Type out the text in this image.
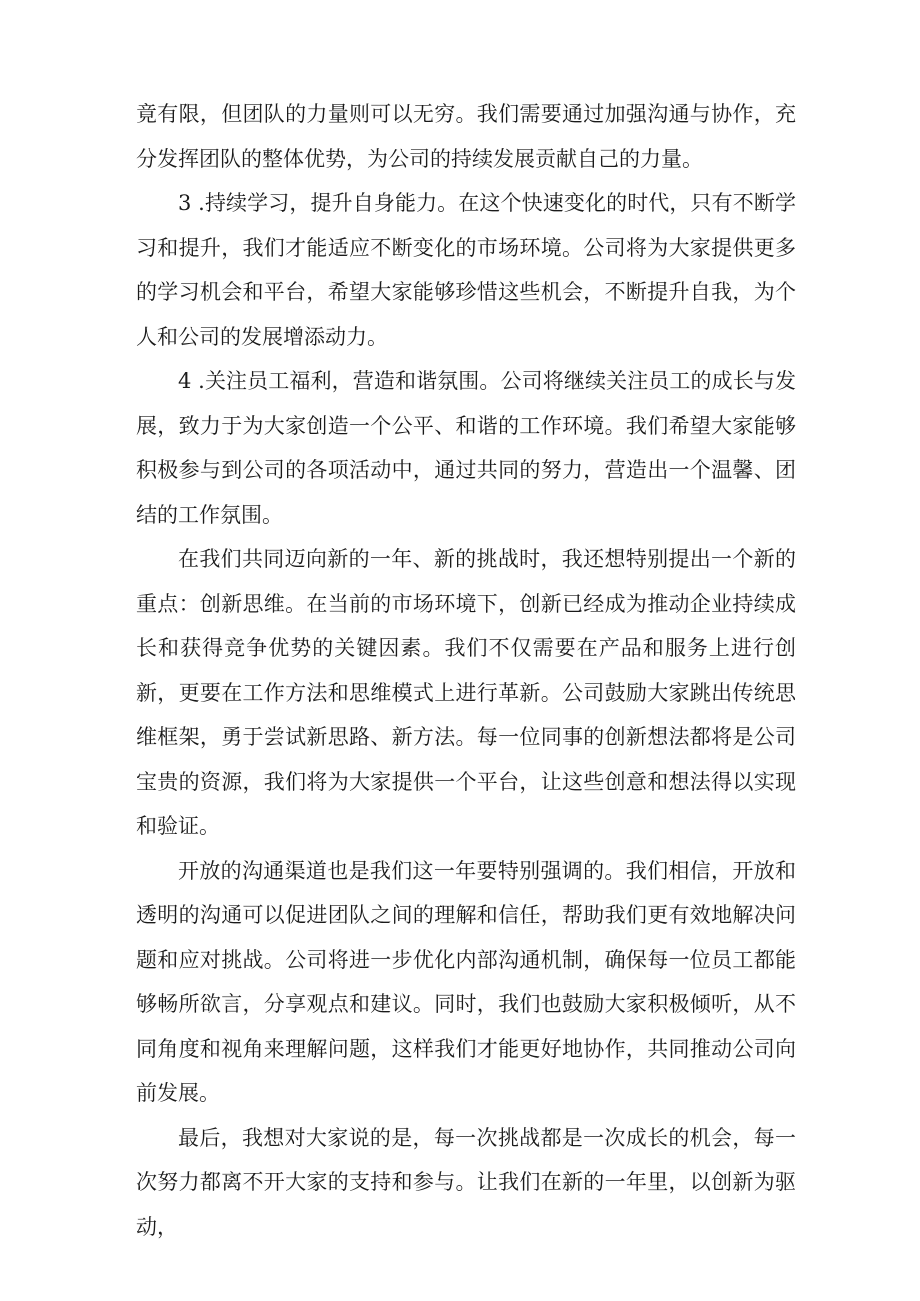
竟有限，但团队的力量则可以无穷。我们需要通过加强沟通与协作，充分发挥团队的整体优势，为公司的持续发展贡献自己的力量。

3 .持续学习，提升自身能力。在这个快速变化的时代，只有不断学习和提升，我们才能适应不断变化的市场环境。公司将为大家提供更多的学习机会和平台，希望大家能够珍惜这些机会，不断提升自我，为个人和公司的发展增添动力。

4 .关注员工福利，营造和谐氛围。公司将继续关注员工的成长与发展，致力于为大家创造一个公平、和谐的工作环境。我们希望大家能够积极参与到公司的各项活动中，通过共同的努力，营造出一个温馨、团结的工作氛围。

在我们共同迈向新的一年、新的挑战时，我还想特别提出一个新的重点：创新思维。在当前的市场环境下，创新已经成为推动企业持续成长和获得竞争优势的关键因素。我们不仅需要在产品和服务上进行创新，更要在工作方法和思维模式上进行革新。公司鼓励大家跳出传统思维框架，勇于尝试新思路、新方法。每一位同事的创新想法都将是公司宝贵的资源，我们将为大家提供一个平台，让这些创意和想法得以实现和验证。

开放的沟通渠道也是我们这一年要特别强调的。我们相信，开放和透明的沟通可以促进团队之间的理解和信任，帮助我们更有效地解决问题和应对挑战。公司将进一步优化内部沟通机制，确保每一位员工都能够畅所欲言，分享观点和建议。同时，我们也鼓励大家积极倾听，从不同角度和视角来理解问题，这样我们才能更好地协作，共同推动公司向前发展。

最后，我想对大家说的是，每一次挑战都是一次成长的机会，每一次努力都离不开大家的支持和参与。让我们在新的一年里，以创新为驱动，
